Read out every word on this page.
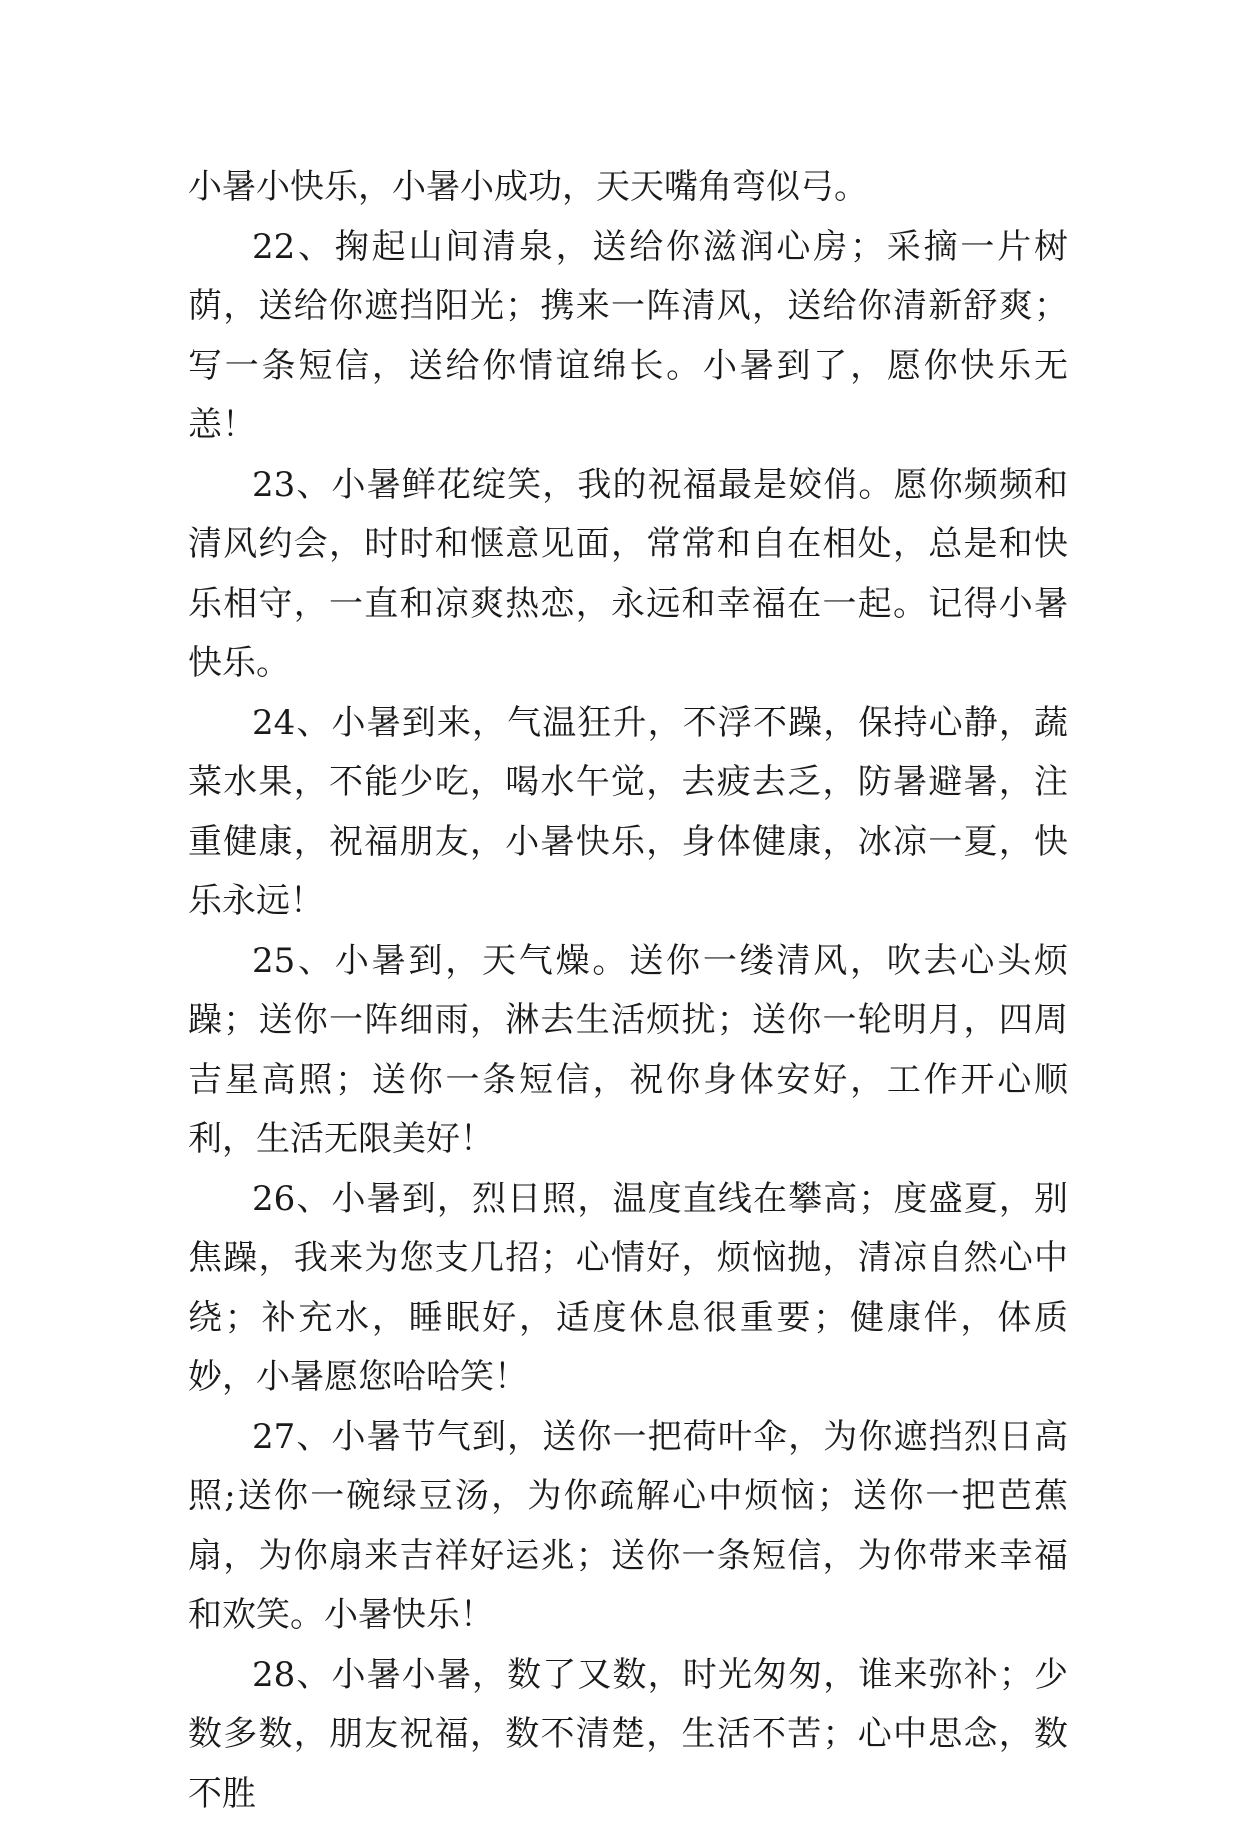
小暑小快乐，小暑小成功，天天嘴角弯似弓。

22、掬起山间清泉，送给你滋润心房；采摘一片树荫，送给你遮挡阳光；携来一阵清风，送给你清新舒爽；写一条短信，送给你情谊绵长。小暑到了，愿你快乐无恙！

23、小暑鲜花绽笑，我的祝福最是姣俏。愿你频频和清风约会，时时和惬意见面，常常和自在相处，总是和快乐相守，一直和凉爽热恋，永远和幸福在一起。记得小暑快乐。

24、小暑到来，气温狂升，不浮不躁，保持心静，蔬菜水果，不能少吃，喝水午觉，去疲去乏，防暑避暑，注重健康，祝福朋友，小暑快乐，身体健康，冰凉一夏，快乐永远！

25、小暑到，天气燥。送你一缕清风，吹去心头烦躁；送你一阵细雨，淋去生活烦扰；送你一轮明月，四周吉星高照；送你一条短信，祝你身体安好，工作开心顺利，生活无限美好！

26、小暑到，烈日照，温度直线在攀高；度盛夏，别焦躁，我来为您支几招；心情好，烦恼抛，清凉自然心中绕；补充水，睡眠好，适度休息很重要；健康伴，体质妙，小暑愿您哈哈笑！

27、小暑节气到，送你一把荷叶伞，为你遮挡烈日高照;送你一碗绿豆汤，为你疏解心中烦恼；送你一把芭蕉扇，为你扇来吉祥好运兆；送你一条短信，为你带来幸福和欢笑。小暑快乐！

28、小暑小暑，数了又数，时光匆匆，谁来弥补；少数多数，朋友祝福，数不清楚，生活不苦；心中思念，数不胜
